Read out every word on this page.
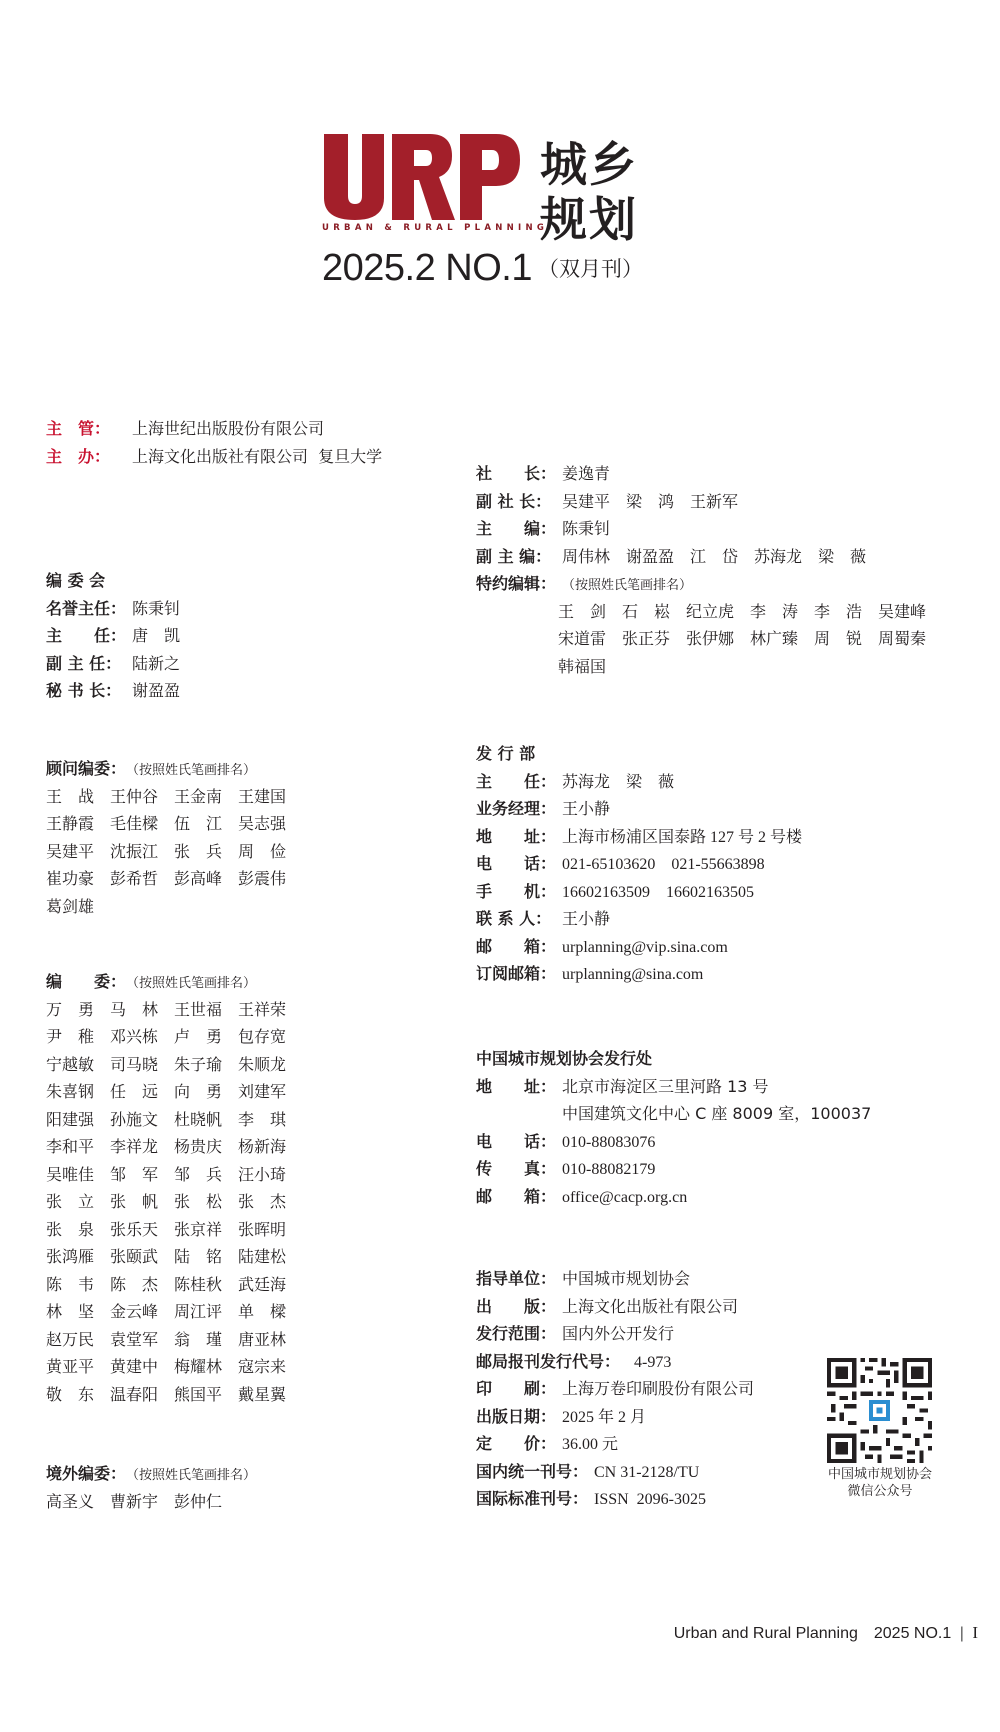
城乡
规划
URBAN & RURAL PLANNING
2025.2 NO.1 （双月刊）
主　管： 上海世纪出版股份有限公司
主　办： 上海文化出版社有限公司  复旦大学
编 委 会
名誉主任： 陈秉钊
主　　任： 唐　凯
副 主 任： 陆新之
秘 书 长： 谢盈盈
顾问编委：（按照姓氏笔画排名）
王　战　王仲谷　王金南　王建国
王静霞　毛佳樑　伍　江　吴志强
吴建平　沈振江　张　兵　周　俭
崔功豪　彭希哲　彭高峰　彭震伟
葛剑雄
编　　委：（按照姓氏笔画排名）
万　勇　马　林　王世福　王祥荣
尹　稚　邓兴栋　卢　勇　包存宽
宁越敏　司马晓　朱子瑜　朱顺龙
朱喜钢　任　远　向　勇　刘建军
阳建强　孙施文　杜晓帆　李　琪
李和平　李祥龙　杨贵庆　杨新海
吴唯佳　邹　军　邹　兵　汪小琦
张　立　张　帆　张　松　张　杰
张　泉　张乐天　张京祥　张晖明
张鸿雁　张颐武　陆　铭　陆建松
陈　韦　陈　杰　陈桂秋　武廷海
林　坚　金云峰　周江评　单　樑
赵万民　袁堂军　翁　瑾　唐亚林
黄亚平　黄建中　梅耀林　寇宗来
敬　东　温春阳　熊国平　戴星翼
境外编委：（按照姓氏笔画排名）
高圣义　曹新宇　彭仲仁
社　　长： 姜逸青
副 社 长： 吴建平　梁　鸿　王新军
主　　编： 陈秉钊
副 主 编： 周伟林　谢盈盈　江　岱　苏海龙　梁　薇
特约编辑： （按照姓氏笔画排名）
王　剑　石　崧　纪立虎　李　涛　李　浩　吴建峰
宋道雷　张正芬　张伊娜　林广臻　周　锐　周蜀秦
韩福国
发 行 部
主　　任： 苏海龙　梁　薇
业务经理： 王小静
地　　址： 上海市杨浦区国泰路 127 号 2 号楼
电　　话： 021-65103620　021-55663898
手　　机： 16602163509　16602163505
联 系 人： 王小静
邮　　箱： urplanning@vip.sina.com
订阅邮箱： urplanning@sina.com
中国城市规划协会发行处
地　　址： 北京市海淀区三里河路 13 号
中国建筑文化中心 C 座 8009 室，100037
电　　话： 010-88083076
传　　真： 010-88082179
邮　　箱： office@cacp.org.cn
指导单位： 中国城市规划协会
出　　版： 上海文化出版社有限公司
发行范围： 国内外公开发行
邮局报刊发行代号： 4-973
印　　刷： 上海万卷印刷股份有限公司
出版日期： 2025 年 2 月
定　　价： 36.00 元
国内统一刊号： CN 31-2128/TU
国际标准刊号： ISSN  2096-3025
中国城市规划协会
微信公众号
Urban and Rural Planning　2025 NO.1 | I
